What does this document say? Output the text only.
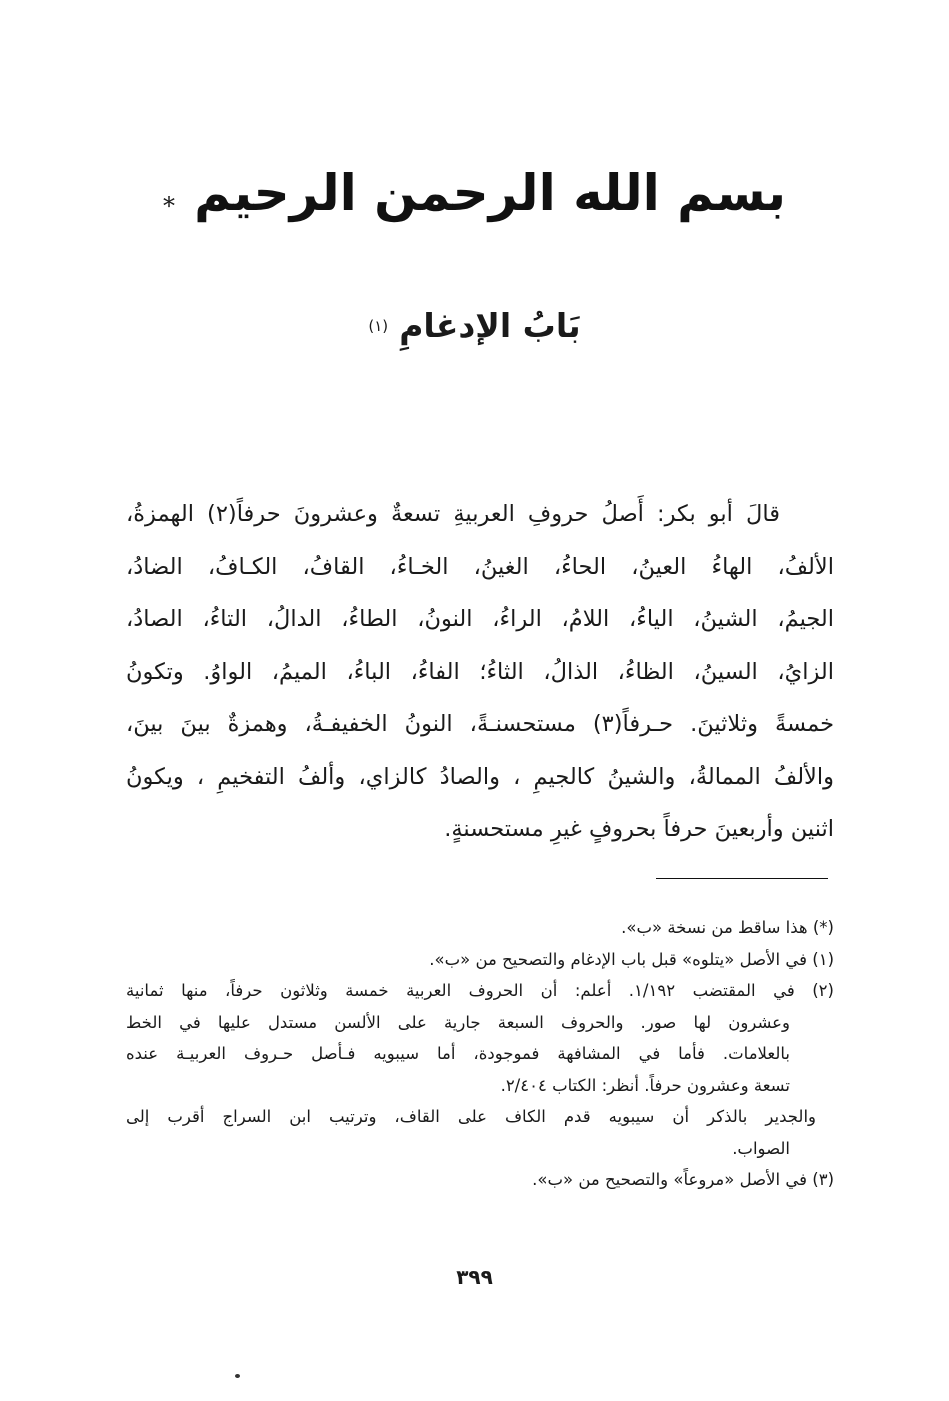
بسم الله الرحمن الرحيم *
بَابُ الإدغامِ (١)
قالَ أبو بكر: أَصلُ حروفِ العربيةِ تسعةٌ وعشرونَ حرفاً(٢) الهمزةُ،
الألفُ، الهاءُ العينُ، الحاءُ، الغينُ، الخـاءُ، القافُ، الكـافُ، الضادُ،
الجيمُ، الشينُ، الياءُ، اللامُ، الراءُ، النونُ، الطاءُ، الدالُ، التاءُ، الصادُ،
الزايُ، السينُ، الظاءُ، الذالُ، الثاءُ؛ الفاءُ، الباءُ، الميمُ، الواوُ. وتكونُ
خمسةً وثلاثينَ. حـرفاً(٣) مستحسنـةً، النونُ الخفيفـةُ، وهمزةٌ بينَ بينَ،
والألفُ الممالةُ، والشينُ كالجيمِ ، والصادُ كالزاي، وألفُ التفخيمِ ، ويكونُ
اثنين وأربعينَ حرفاً بحروفٍ غيرِ مستحسنةٍ.
(*) هذا ساقط من نسخة «ب».
(١) في الأصل «يتلوه» قبل باب الإدغام والتصحيح من «ب».
(٢) في المقتضب ١/١٩٢. أعلم: أن الحروف العربية خمسة وثلاثون حرفاً، منها ثمانية
وعشرون لها صور. والحروف السبعة جارية على الألسن مستدل عليها في الخط
بالعلامات. فأما في المشافهة فموجودة، أما سيبويه فـأصل حـروف العربيـة عنده
تسعة وعشرون حرفاً. أنظر: الكتاب ٢/٤٠٤.
والجدير بالذكر أن سيبويه قدم الكاف على القاف، وترتيب ابن السراج أقرب إلى
الصواب.
(٣) في الأصل «مروعاً» والتصحيح من «ب».
٣٩٩
